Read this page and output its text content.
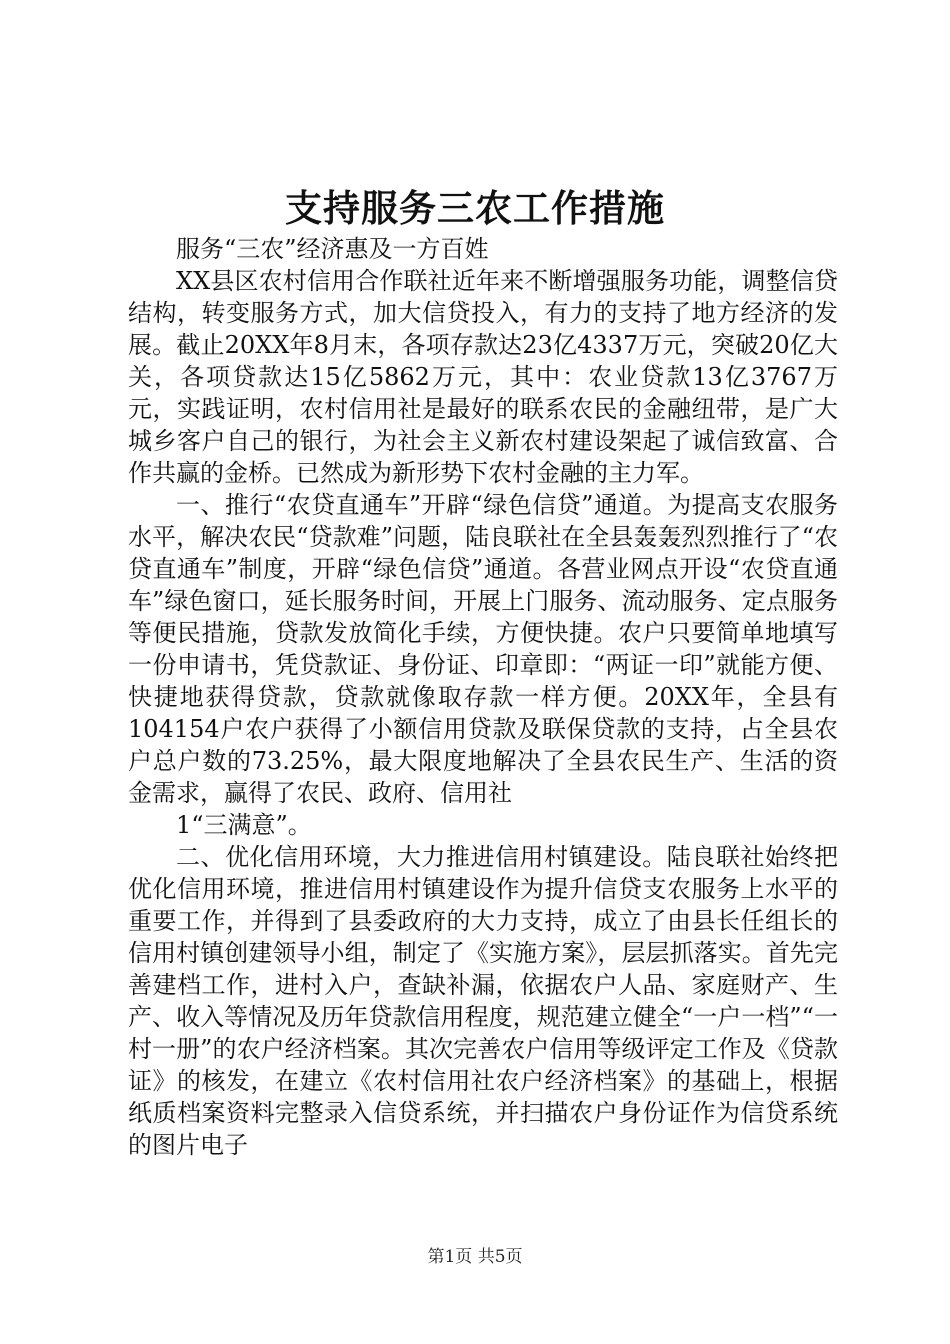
支持服务三农工作措施

服务“三农”经济惠及一方百姓

XX县区农村信用合作联社近年来不断增强服务功能，调整信贷结构，转变服务方式，加大信贷投入，有力的支持了地方经济的发展。截止20XX年8月末，各项存款达23亿4337万元，突破20亿大关，各项贷款达15亿5862万元，其中：农业贷款13亿3767万元，实践证明，农村信用社是最好的联系农民的金融纽带，是广大城乡客户自己的银行，为社会主义新农村建设架起了诚信致富、合作共赢的金桥。已然成为新形势下农村金融的主力军。

一、推行“农贷直通车”开辟“绿色信贷”通道。为提高支农服务水平，解决农民“贷款难”问题，陆良联社在全县轰轰烈烈推行了“农贷直通车”制度，开辟“绿色信贷”通道。各营业网点开设“农贷直通车”绿色窗口，延长服务时间，开展上门服务、流动服务、定点服务等便民措施，贷款发放简化手续，方便快捷。农户只要简单地填写一份申请书，凭贷款证、身份证、印章即：“两证一印”就能方便、快捷地获得贷款，贷款就像取存款一样方便。20XX年，全县有104154户农户获得了小额信用贷款及联保贷款的支持，占全县农户总户数的73.25%，最大限度地解决了全县农民生产、生活的资金需求，赢得了农民、政府、信用社

1“三满意”。

二、优化信用环境，大力推进信用村镇建设。陆良联社始终把优化信用环境，推进信用村镇建设作为提升信贷支农服务上水平的重要工作，并得到了县委政府的大力支持，成立了由县长任组长的信用村镇创建领导小组，制定了《实施方案》，层层抓落实。首先完善建档工作，进村入户，查缺补漏，依据农户人品、家庭财产、生产、收入等情况及历年贷款信用程度，规范建立健全“一户一档”“一村一册”的农户经济档案。其次完善农户信用等级评定工作及《贷款证》的核发，在建立《农村信用社农户经济档案》的基础上，根据纸质档案资料完整录入信贷系统，并扫描农户身份证作为信贷系统的图片电子

第1页 共5页
